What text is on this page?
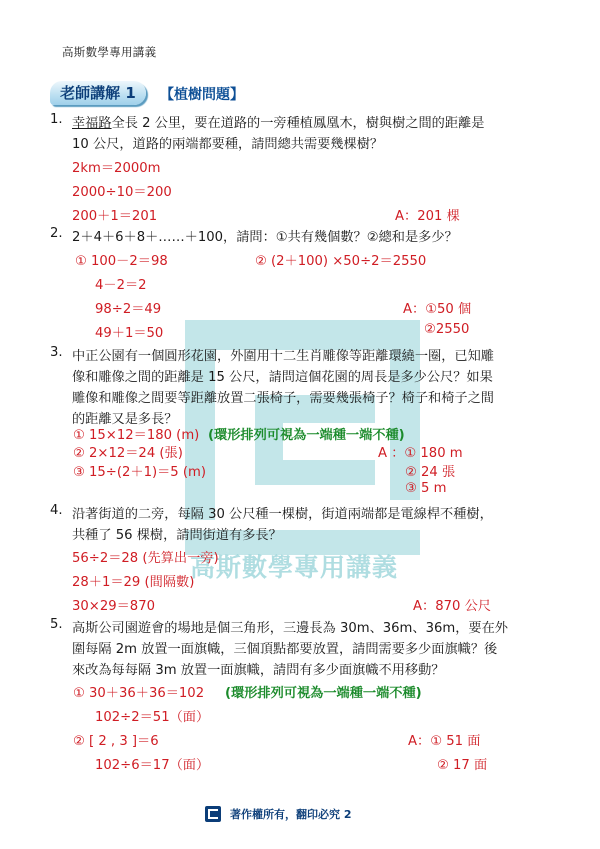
高斯數學專用講義
老師講解 1	【植樹問題】
高斯數學專用講義
1. 幸福路全長 2 公里，要在道路的一旁種植鳳凰木，樹與樹之間的距離是
10 公尺，道路的兩端都要種，請問總共需要幾棵樹？
2km＝2000m
2000÷10＝200
200＋1＝201	A：201 棵
2. 2＋4＋6＋8＋……＋100，請問：①共有幾個數？②總和是多少？
① 100－2＝98
4－2＝2
98÷2＝49
49＋1＝50
② (2＋100) ×50÷2＝2550
A：①50 個
②2550
3. 中正公園有一個圓形花園，外圍用十二生肖雕像等距離環繞一圈，已知雕
像和雕像之間的距離是 15 公尺，請問這個花園的周長是多少公尺？如果
雕像和雕像之間要等距離放置二張椅子，需要幾張椅子？椅子和椅子之間
的距離又是多長？
① 15×12＝180 (m) (環形排列可視為一端種一端不種)
② 2×12＝24 (張)
③ 15÷(2＋1)＝5 (m)
A ：① 180 m
② 24 張
③ 5 m
4. 沿著街道的二旁，每隔 30 公尺種一棵樹，街道兩端都是電線桿不種樹，
共種了 56 棵樹，請問街道有多長？
56÷2＝28 (先算出一旁)
28＋1＝29 (間隔數)
30×29＝870	A：870 公尺
5. 高斯公司園遊會的場地是個三角形，三邊長為 30m、36m、36m，要在外
圍每隔 2m 放置一面旗幟，三個頂點都要放置，請問需要多少面旗幟？後
來改為每每隔 3m 放置一面旗幟，請問有多少面旗幟不用移動？
① 30＋36＋36＝102 (環形排列可視為一端種一端不種)
102÷2＝51（面）
② [ 2 , 3 ]＝6
102÷6＝17（面）
A：① 51 面
② 17 面
著作權所有，翻印必究 2
